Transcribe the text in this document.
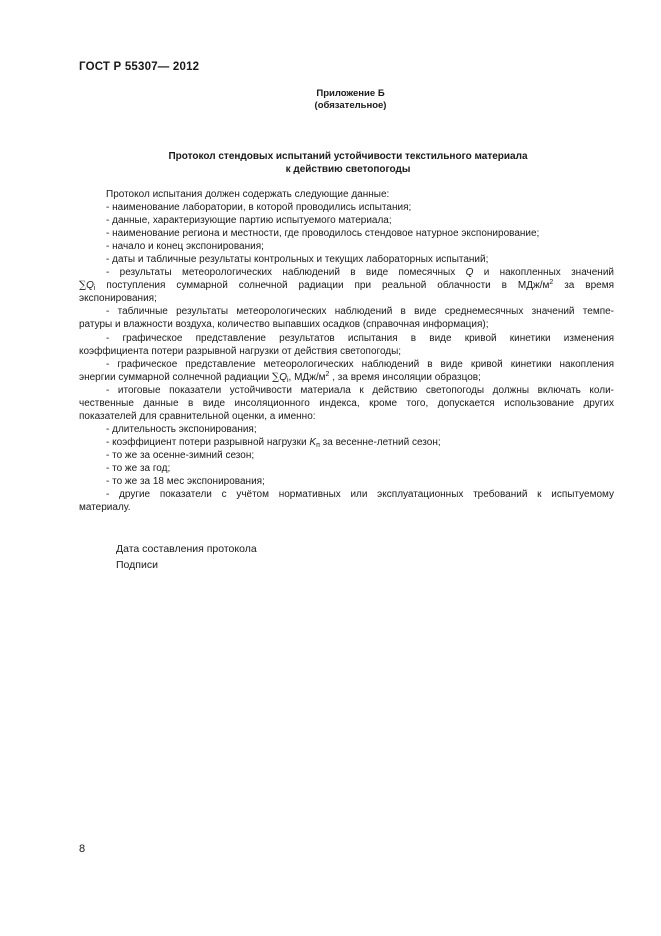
ГОСТ Р 55307— 2012
Приложение Б
(обязательное)
Протокол стендовых испытаний устойчивости текстильного материала
к действию светопогоды
Протокол испытания должен содержать следующие данные:
- наименование лаборатории, в которой проводились испытания;
- данные, характеризующие партию испытуемого материала;
- наименование региона и местности, где проводилось стендовое натурное экспонирование;
- начало и конец экспонирования;
- даты и табличные результаты контрольных и текущих лабораторных испытаний;
- результаты метеорологических наблюдений в виде помесячных Q и накопленных значений
$\sum Q_i$ поступления суммарной солнечной радиации при реальной облачности в МДж/$м^2$ за время
экспонирования;
- табличные результаты метеорологических наблюдений в виде среднемесячных значений темпе-
ратуры и влажности воздуха, количество выпавших осадков (справочная информация);
- графическое представление результатов испытания в виде кривой кинетики изменения
коэффициента потери разрывной нагрузки от действия светопогоды;
- графическое представление метеорологических наблюдений в виде кривой кинетики накопления
энергии суммарной солнечной радиации $\sum Q_i$, МДж/$м^2$ , за время инсоляции образцов;
- итоговые показатели устойчивости материала к действию светопогоды должны включать коли-
чественные данные в виде инсоляционного индекса, кроме того, допускается использование других
показателей для сравнительной оценки, а именно:
- длительность экспонирования;
- коэффициент потери разрывной нагрузки $K_п$ за весенне-летний сезон;
- то же за осенне-зимний сезон;
- то же за год;
- то же за 18 мес экспонирования;
- другие показатели с учётом нормативных или эксплуатационных требований к испытуемому
материалу.
Дата составления протокола
Подписи
8
